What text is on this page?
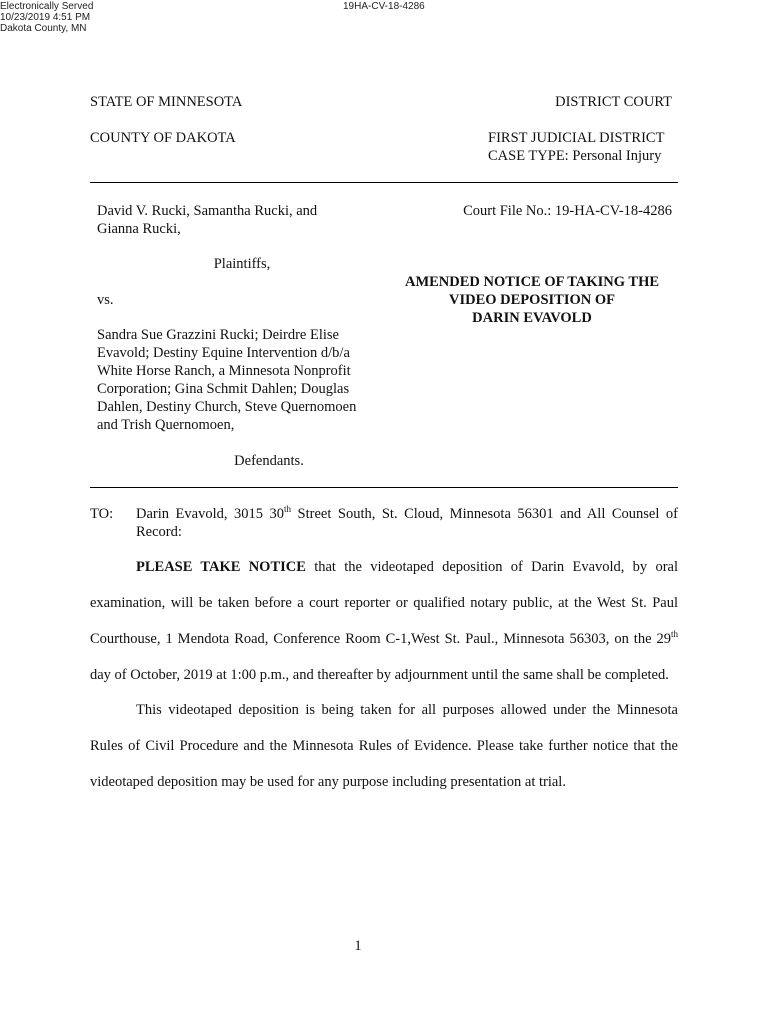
Electronically Served
10/23/2019 4:51 PM
Dakota County, MN
19HA-CV-18-4286
STATE OF MINNESOTA	DISTRICT COURT
COUNTY OF DAKOTA	FIRST JUDICIAL DISTRICT
CASE TYPE: Personal Injury
David V. Rucki, Samantha Rucki, and
Gianna Rucki,
Plaintiffs,
vs.
Sandra Sue Grazzini Rucki; Deirdre Elise
Evavold; Destiny Equine Intervention d/b/a
White Horse Ranch, a Minnesota Nonprofit
Corporation; Gina Schmit Dahlen; Douglas
Dahlen, Destiny Church, Steve Quernomoen
and Trish Quernomoen,
Defendants.
Court File No.: 19-HA-CV-18-4286
AMENDED NOTICE OF TAKING THE
VIDEO DEPOSITION OF
DARIN EVAVOLD
TO: Darin Evavold, 3015 30th Street South, St. Cloud, Minnesota 56301 and All Counsel of Record:
PLEASE TAKE NOTICE that the videotaped deposition of Darin Evavold, by oral examination, will be taken before a court reporter or qualified notary public, at the West St. Paul Courthouse, 1 Mendota Road, Conference Room C-1,West St. Paul., Minnesota 56303, on the 29th day of October, 2019 at 1:00 p.m., and thereafter by adjournment until the same shall be completed.
This videotaped deposition is being taken for all purposes allowed under the Minnesota Rules of Civil Procedure and the Minnesota Rules of Evidence. Please take further notice that the videotaped deposition may be used for any purpose including presentation at trial.
1
